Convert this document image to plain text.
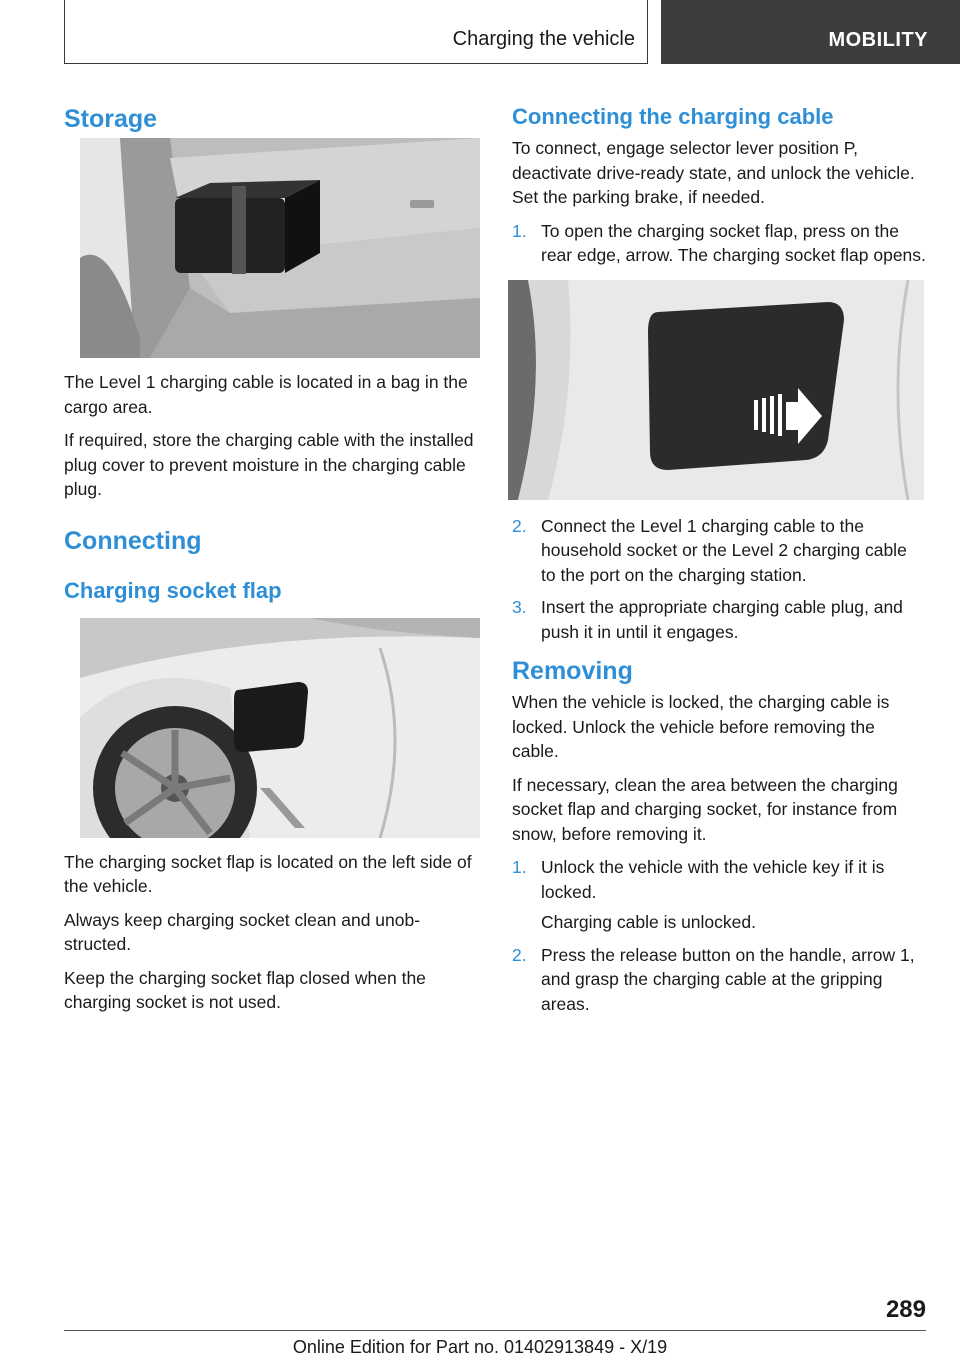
Charging the vehicle	MOBILITY
Storage

The Level 1 charging cable is located in a bag in the cargo area.

If required, store the charging cable with the installed plug cover to prevent moisture in the charging cable plug.

Connecting
Charging socket flap

The charging socket flap is located on the left side of the vehicle.

Always keep charging socket clean and unobstructed.

Keep the charging socket flap closed when the charging socket is not used.

Connecting the charging cable

To connect, engage selector lever position P, deactivate drive-ready state, and unlock the vehicle. Set the parking brake, if needed.

1. To open the charging socket flap, press on the rear edge, arrow. The charging socket flap opens.
2. Connect the Level 1 charging cable to the household socket or the Level 2 charging cable to the port on the charging station.
3. Insert the appropriate charging cable plug, and push it in until it engages.
Removing

When the vehicle is locked, the charging cable is locked. Unlock the vehicle before removing the cable.

If necessary, clean the area between the charging socket flap and charging socket, for instance from snow, before removing it.

1. Unlock the vehicle with the vehicle key if it is locked.
Charging cable is unlocked.
2. Press the release button on the handle, arrow 1, and grasp the charging cable at the gripping areas.
289
Online Edition for Part no. 01402913849 - X/19
